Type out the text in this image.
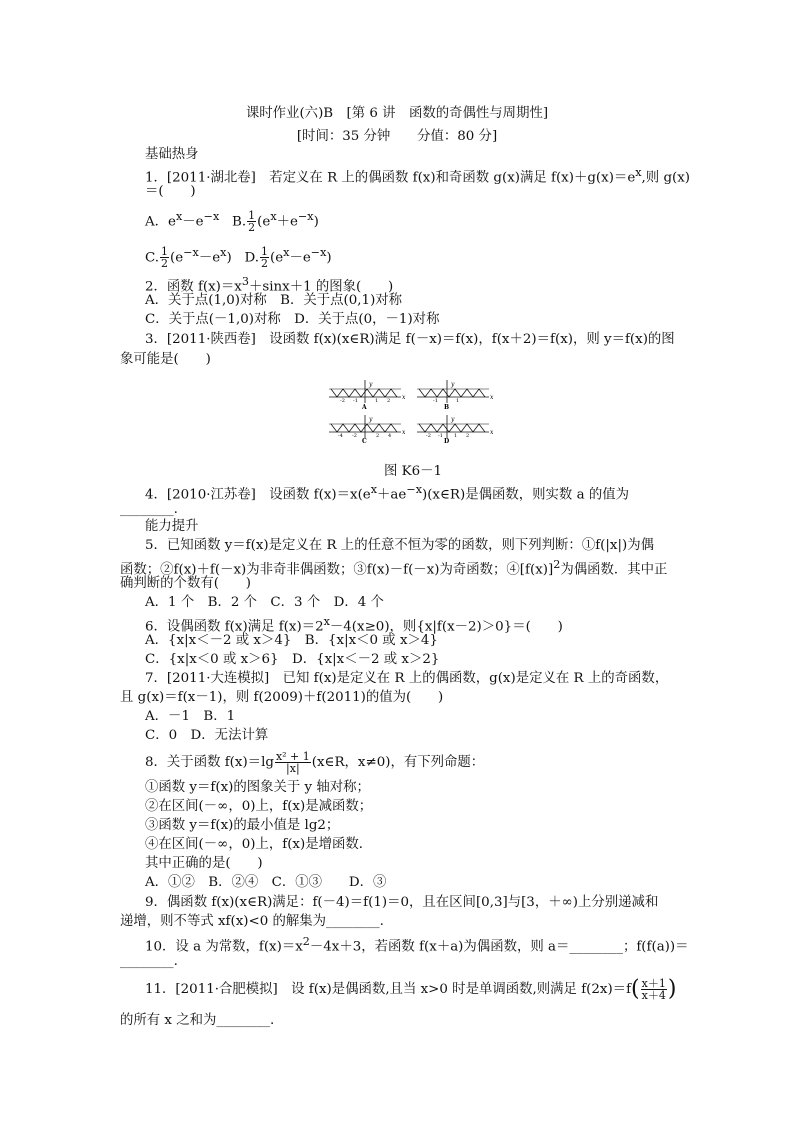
课时作业(六)B　[第 6 讲　函数的奇偶性与周期性]
[时间：35 分钟　　分值：80 分]
基础热身
1．[2011·湖北卷]　若定义在 R 上的偶函数 f(x)和奇函数 g(x)满足 $f(x)+g(x)=e^x$,则 g(x)
＝(　　)
A．$e^x-e^{-x}$ B. $\frac{1}{2} (e^x+e^{-x})$
C. $\frac{1}{2} (e^{-x}-e^x)$ D. $\frac{1}{2} (e^x-e^{-x})$
2．函数 $f(x)=x^3+\sin x+1$ 的图象(　　)
A．关于点(1,0)对称　B．关于点(0,1)对称
C．关于点(－1,0)对称　D．关于点(0，－1)对称
3．[2011·陕西卷]　设函数 f(x)(x∈R)满足 f(－x)＝f(x)，f(x＋2)＝f(x)，则 y＝f(x)的图
象可能是(　　)
y
x
-2 -1	1 2
A
y
x
-1	1
B
y
x
-4 -2	2 4
C
y
x
-2 -1 1 2
D
图 K6－1
4．[2010·江苏卷]　设函数 $f(x)=x(e^x+ae^{-x})(x\in R)$是偶函数，则实数 a 的值为
________.
能力提升
5．已知函数 y＝f(x)是定义在 R 上的任意不恒为零的函数，则下列判断：①f(|x|)为偶
函数；②f(x)＋f(－x)为非奇非偶函数；③f(x)－f(－x)为奇函数；$④[f(x)]^2$为偶函数．其中正
确判断的个数有(　　)
A．1 个　B．2 个　C．3 个　D．4 个
6．设偶函数 f(x)满足 $f(x)=2^x-4(x\ge 0)$，则{x|f(x－2)＞0}＝(　　)
A．{x|x＜－2 或 x＞4}　B．{x|x＜0 或 x＞4}
C．{x|x＜0 或 x＞6}　D．{x|x＜－2 或 x＞2}
7．[2011·大连模拟]　已知 f(x)是定义在 R 上的偶函数，g(x)是定义在 R 上的奇函数，
且 g(x)＝f(x－1)，则 f(2009)＋f(2011)的值为(　　)
A．－1　B．1
C．0　D．无法计算
8．关于函数 $f(x)=\lg \frac{\text{x² + 1}}{|x|}$ (x∈R，x≠0)，有下列命题：
①函数 y＝f(x)的图象关于 y 轴对称；
②在区间(－∞，0)上，f(x)是减函数；
③函数 y＝f(x)的最小值是 lg2；
④在区间(－∞，0)上，f(x)是增函数．
其中正确的是(　　)
A．①②　B．②④　C．①③　　D．③
9．偶函数 f(x)(x∈R)满足：f(－4)＝f(1)＝0，且在区间[0,3]与[3，＋∞)上分别递减和
递增，则不等式 xf(x)<0 的解集为________.
10．设 a 为常数，$f(x)=x^2-4x+3$，若函数 f(x＋a)为偶函数，则 a＝________；f(f(a))＝
________.
11．[2011·合肥模拟]　设 f(x)是偶函数,且当 x>0 时是单调函数,则满足 $f(2x)=f( \frac{x+1}{x+4}$ )
的所有 x 之和为________.
